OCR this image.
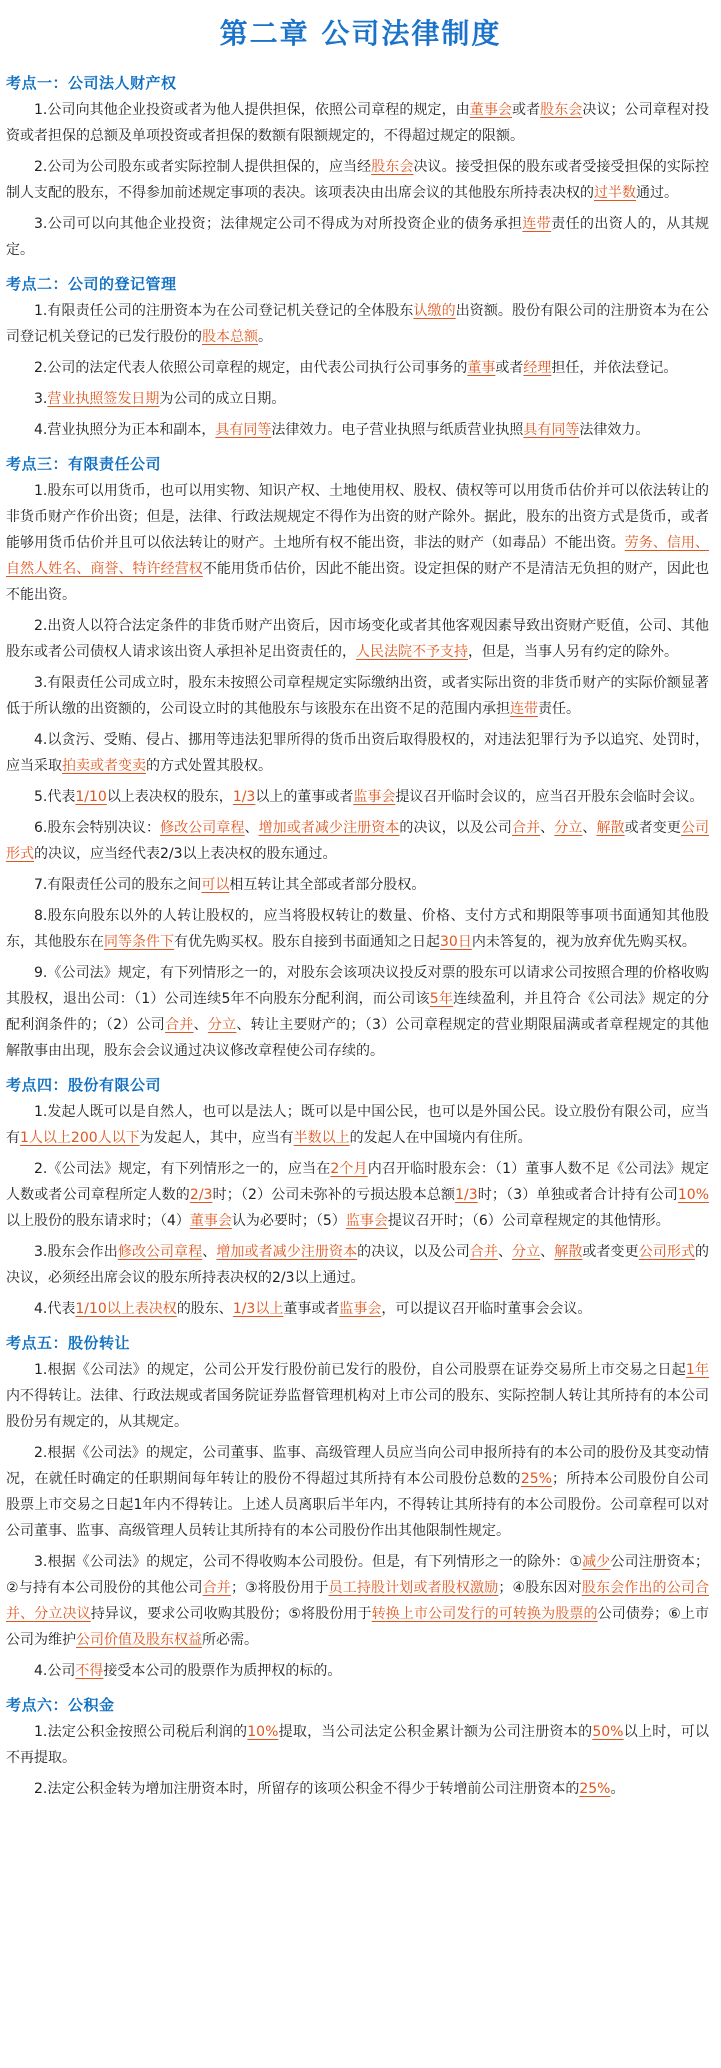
第二章 公司法律制度
考点一：公司法人财产权
1.公司向其他企业投资或者为他人提供担保，依照公司章程的规定，由董事会或者股东会决议；公司章程对投资或者担保的总额及单项投资或者担保的数额有限额规定的，不得超过规定的限额。
2.公司为公司股东或者实际控制人提供担保的，应当经股东会决议。接受担保的股东或者受接受担保的实际控制人支配的股东，不得参加前述规定事项的表决。该项表决由出席会议的其他股东所持表决权的过半数通过。
3.公司可以向其他企业投资；法律规定公司不得成为对所投资企业的债务承担连带责任的出资人的，从其规定。
考点二：公司的登记管理
1.有限责任公司的注册资本为在公司登记机关登记的全体股东认缴的出资额。股份有限公司的注册资本为在公司登记机关登记的已发行股份的股本总额。
2.公司的法定代表人依照公司章程的规定，由代表公司执行公司事务的董事或者经理担任，并依法登记。
3.营业执照签发日期为公司的成立日期。
4.营业执照分为正本和副本，具有同等法律效力。电子营业执照与纸质营业执照具有同等法律效力。
考点三：有限责任公司
1.股东可以用货币，也可以用实物、知识产权、土地使用权、股权、债权等可以用货币估价并可以依法转让的非货币财产作价出资；但是，法律、行政法规规定不得作为出资的财产除外。据此，股东的出资方式是货币，或者能够用货币估价并且可以依法转让的财产。土地所有权不能出资，非法的财产（如毒品）不能出资。劳务、信用、自然人姓名、商誉、特许经营权不能用货币估价，因此不能出资。设定担保的财产不是清洁无负担的财产，因此也不能出资。
2.出资人以符合法定条件的非货币财产出资后，因市场变化或者其他客观因素导致出资财产贬值，公司、其他股东或者公司债权人请求该出资人承担补足出资责任的，人民法院不予支持，但是，当事人另有约定的除外。
3.有限责任公司成立时，股东未按照公司章程规定实际缴纳出资，或者实际出资的非货币财产的实际价额显著低于所认缴的出资额的，公司设立时的其他股东与该股东在出资不足的范围内承担连带责任。
4.以贪污、受贿、侵占、挪用等违法犯罪所得的货币出资后取得股权的，对违法犯罪行为予以追究、处罚时，应当采取拍卖或者变卖的方式处置其股权。
5.代表1/10以上表决权的股东，1/3以上的董事或者监事会提议召开临时会议的，应当召开股东会临时会议。
6.股东会特别决议：修改公司章程、增加或者减少注册资本的决议，以及公司合并、分立、解散或者变更公司形式的决议，应当经代表2/3以上表决权的股东通过。
7.有限责任公司的股东之间可以相互转让其全部或者部分股权。
8.股东向股东以外的人转让股权的，应当将股权转让的数量、价格、支付方式和期限等事项书面通知其他股东，其他股东在同等条件下有优先购买权。股东自接到书面通知之日起30日内未答复的，视为放弃优先购买权。
9.《公司法》规定，有下列情形之一的，对股东会该项决议投反对票的股东可以请求公司按照合理的价格收购其股权，退出公司：（1）公司连续5年不向股东分配利润，而公司该5年连续盈利，并且符合《公司法》规定的分配利润条件的；（2）公司合并、分立、转让主要财产的；（3）公司章程规定的营业期限届满或者章程规定的其他解散事由出现，股东会会议通过决议修改章程使公司存续的。
考点四：股份有限公司
1.发起人既可以是自然人，也可以是法人；既可以是中国公民，也可以是外国公民。设立股份有限公司，应当有1人以上200人以下为发起人，其中，应当有半数以上的发起人在中国境内有住所。
2.《公司法》规定，有下列情形之一的，应当在2个月内召开临时股东会：（1）董事人数不足《公司法》规定人数或者公司章程所定人数的2/3时；（2）公司未弥补的亏损达股本总额1/3时；（3）单独或者合计持有公司10%以上股份的股东请求时；（4）董事会认为必要时；（5）监事会提议召开时；（6）公司章程规定的其他情形。
3.股东会作出修改公司章程、增加或者减少注册资本的决议，以及公司合并、分立、解散或者变更公司形式的决议，必须经出席会议的股东所持表决权的2/3以上通过。
4.代表1/10以上表决权的股东、1/3以上董事或者监事会，可以提议召开临时董事会会议。
考点五：股份转让
1.根据《公司法》的规定，公司公开发行股份前已发行的股份，自公司股票在证券交易所上市交易之日起1年内不得转让。法律、行政法规或者国务院证券监督管理机构对上市公司的股东、实际控制人转让其所持有的本公司股份另有规定的，从其规定。
2.根据《公司法》的规定，公司董事、监事、高级管理人员应当向公司申报所持有的本公司的股份及其变动情况，在就任时确定的任职期间每年转让的股份不得超过其所持有本公司股份总数的25%；所持本公司股份自公司股票上市交易之日起1年内不得转让。上述人员离职后半年内，不得转让其所持有的本公司股份。公司章程可以对公司董事、监事、高级管理人员转让其所持有的本公司股份作出其他限制性规定。
3.根据《公司法》的规定，公司不得收购本公司股份。但是，有下列情形之一的除外：①减少公司注册资本；②与持有本公司股份的其他公司合并；③将股份用于员工持股计划或者股权激励；④股东因对股东会作出的公司合并、分立决议持异议，要求公司收购其股份；⑤将股份用于转换上市公司发行的可转换为股票的公司债券；⑥上市公司为维护公司价值及股东权益所必需。
4.公司不得接受本公司的股票作为质押权的标的。
考点六：公积金
1.法定公积金按照公司税后利润的10%提取，当公司法定公积金累计额为公司注册资本的50%以上时，可以不再提取。
2.法定公积金转为增加注册资本时，所留存的该项公积金不得少于转增前公司注册资本的25%。
